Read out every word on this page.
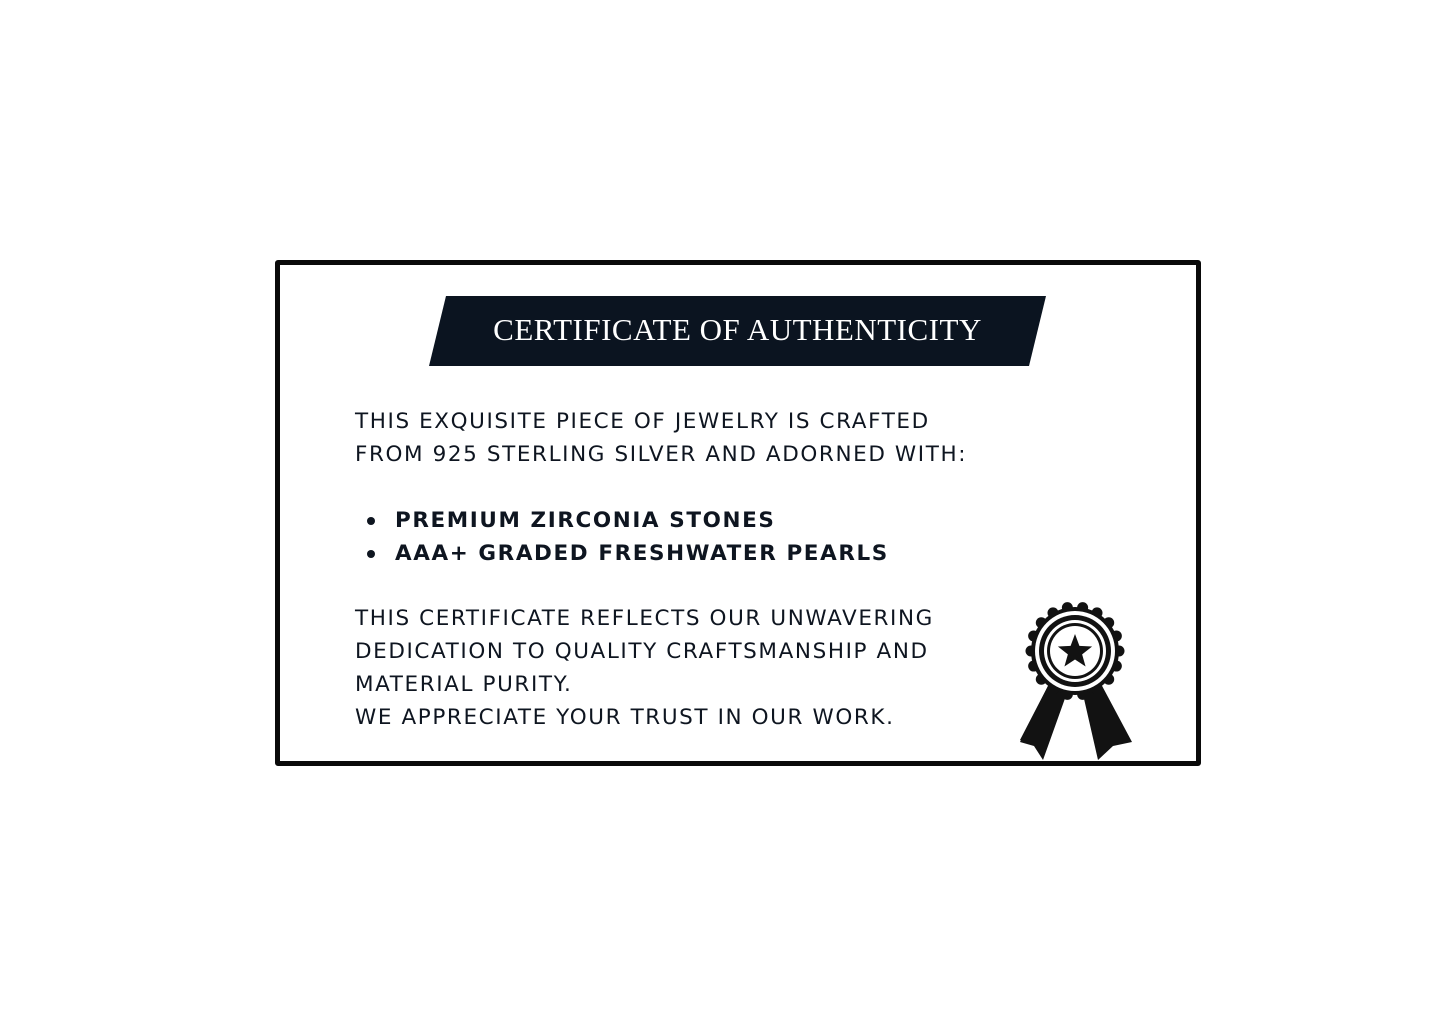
CERTIFICATE OF AUTHENTICITY
THIS EXQUISITE PIECE OF JEWELRY IS CRAFTED
FROM 925 STERLING SILVER AND ADORNED WITH:
PREMIUM ZIRCONIA STONES
AAA+ GRADED FRESHWATER PEARLS
THIS CERTIFICATE REFLECTS OUR UNWAVERING
DEDICATION TO QUALITY CRAFTSMANSHIP AND
MATERIAL PURITY.
WE APPRECIATE YOUR TRUST IN OUR WORK.
